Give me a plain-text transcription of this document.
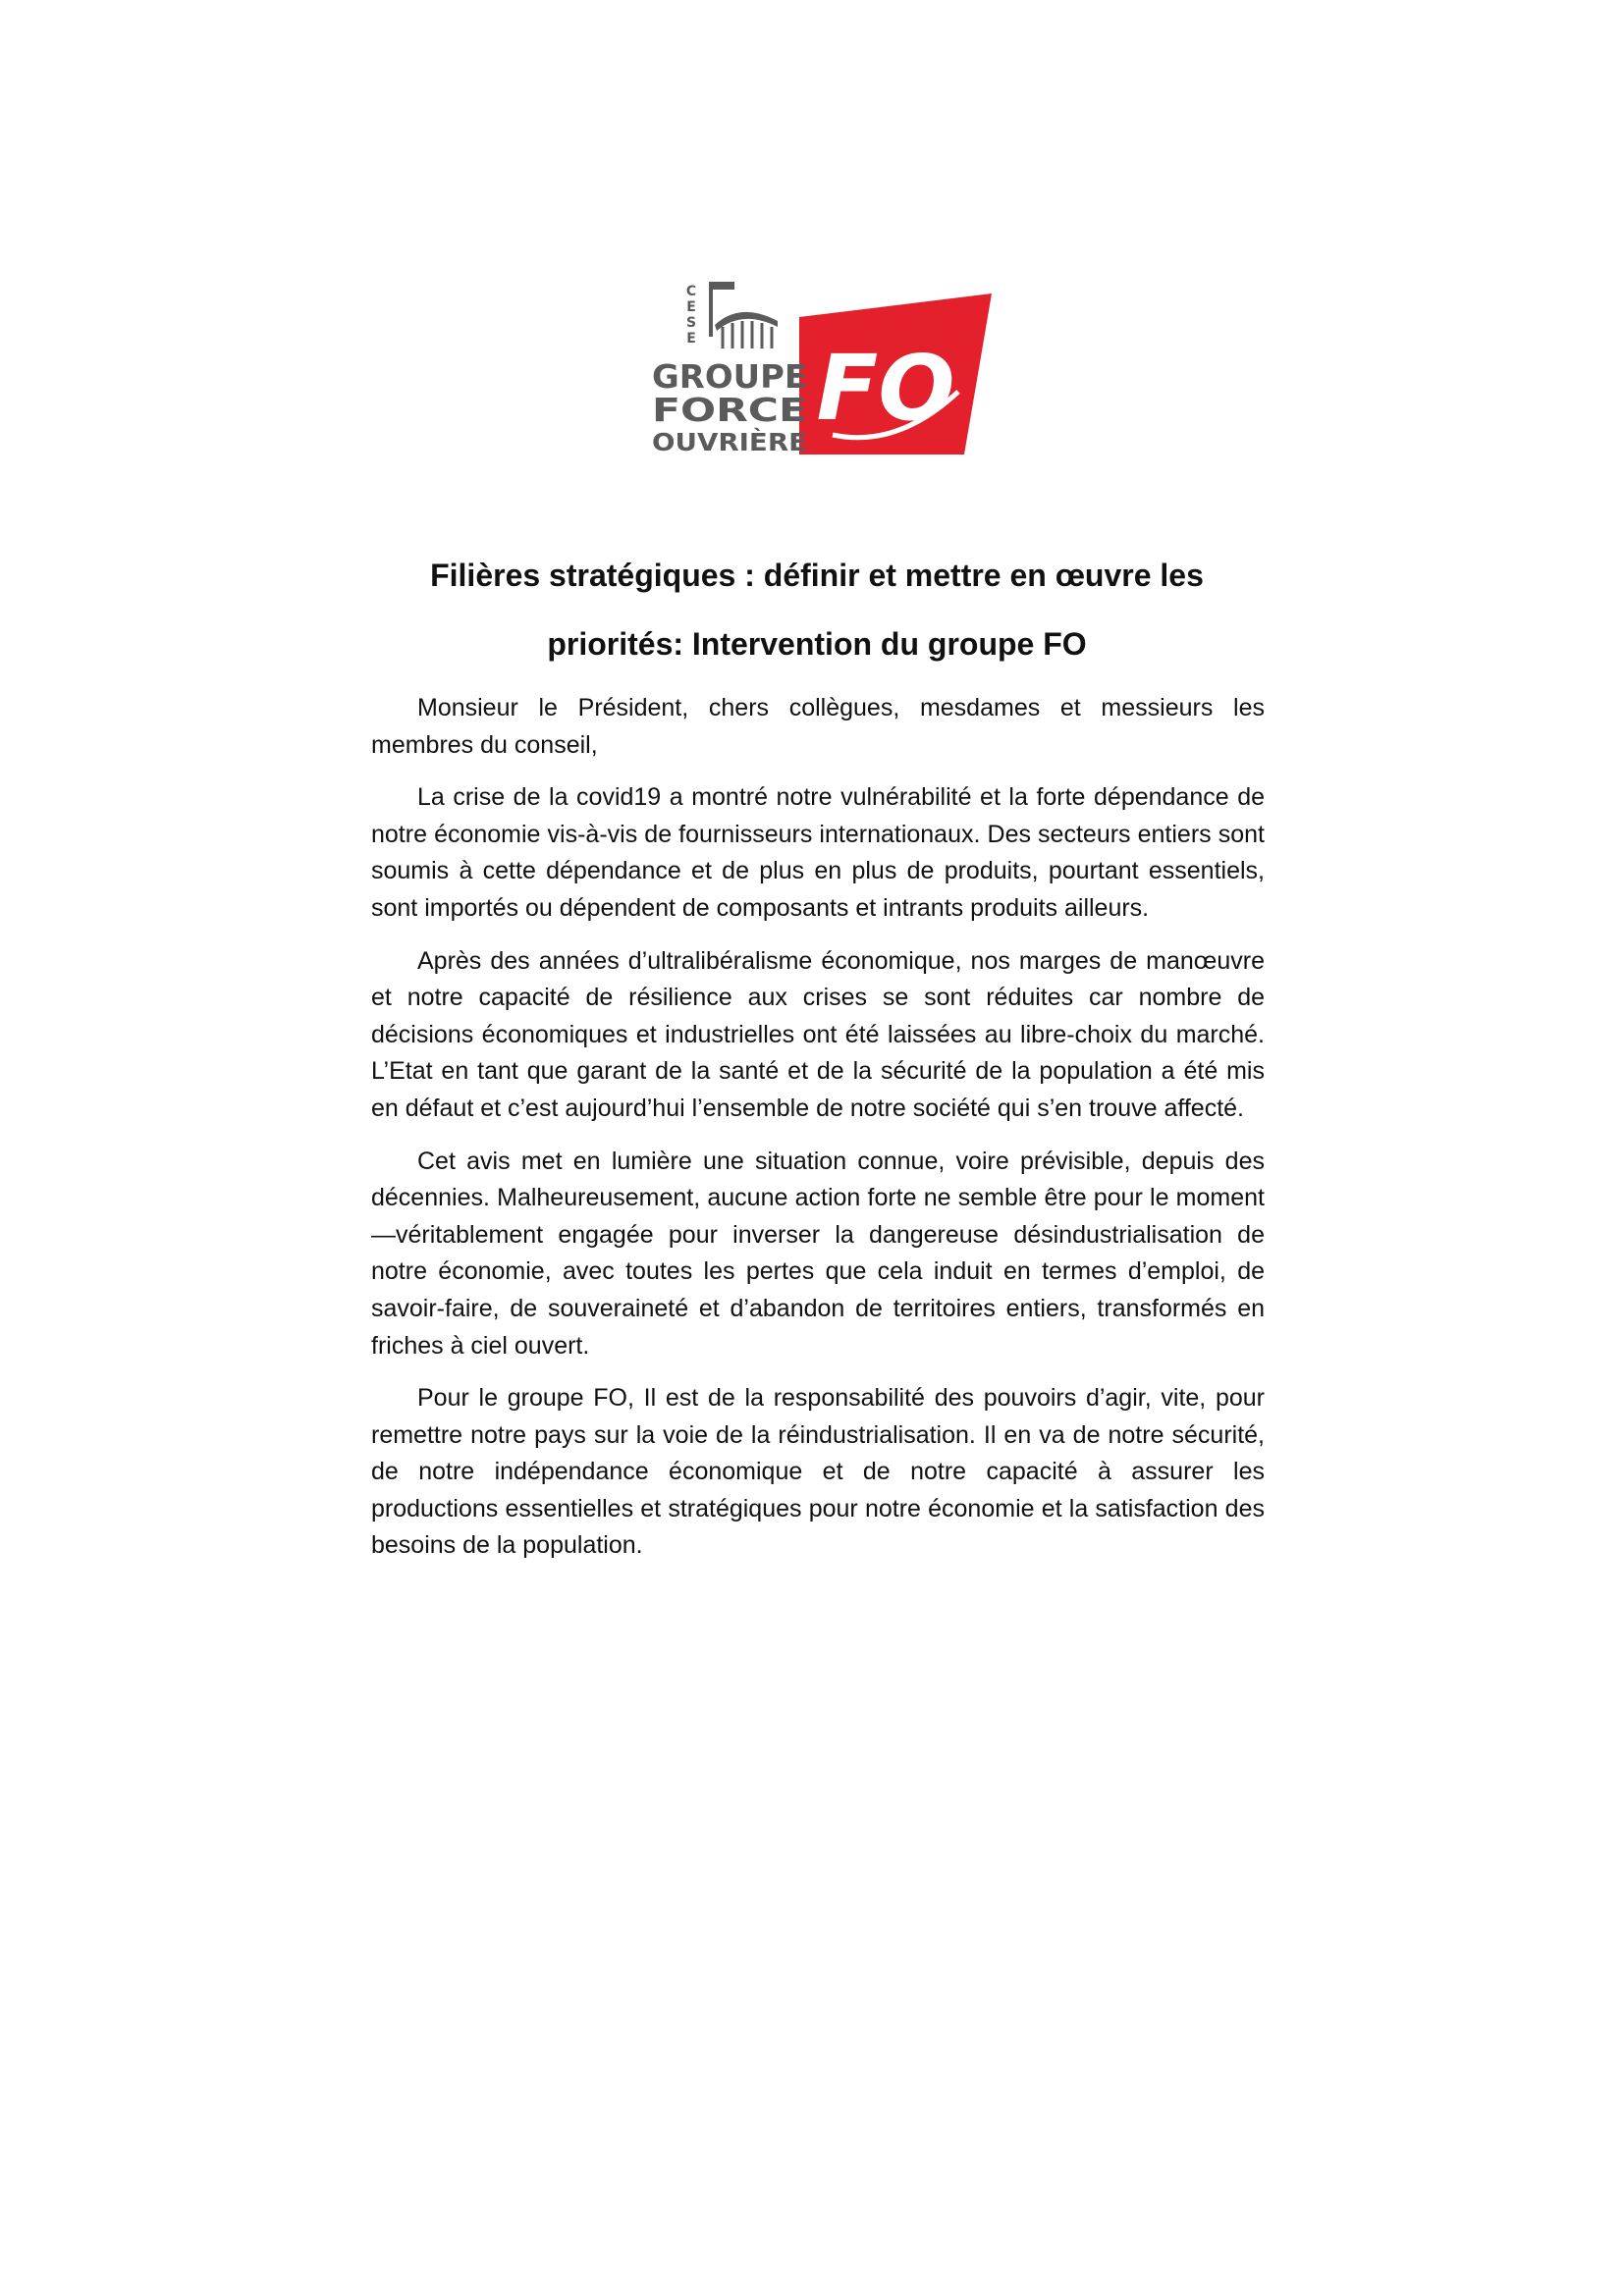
C
E
S
E FO
GROUPE
FORCE
OUVRIÈRE
Filières stratégiques : définir et mettre en œuvre les
priorités: Intervention du groupe FO

Monsieur le Président, chers collègues, mesdames et messieurs les membres du conseil,

La crise de la covid19 a montré notre vulnérabilité et la forte dépendance de notre économie vis-à-vis de fournisseurs internationaux. Des secteurs entiers sont soumis à cette dépendance et de plus en plus de produits, pourtant essentiels, sont importés ou dépendent de composants et intrants produits ailleurs.

Après des années d’ultralibéralisme économique, nos marges de manœuvre et notre capacité de résilience aux crises se sont réduites car nombre de décisions économiques et industrielles ont été laissées au libre-choix du marché. L’Etat en tant que garant de la santé et de la sécurité de la population a été mis en défaut et c’est aujourd’hui l’ensemble de notre société qui s’en trouve affecté.

Cet avis met en lumière une situation connue, voire prévisible, depuis des décennies. Malheureusement, aucune action forte ne semble être pour le moment—véritablement engagée pour inverser la dangereuse désindustrialisation de notre économie, avec toutes les pertes que cela induit en termes d’emploi, de savoir-faire, de souveraineté et d’abandon de territoires entiers, transformés en friches à ciel ouvert.

Pour le groupe FO, Il est de la responsabilité des pouvoirs d’agir, vite, pour remettre notre pays sur la voie de la réindustrialisation. Il en va de notre sécurité, de notre indépendance économique et de notre capacité à assurer les productions essentielles et stratégiques pour notre économie et la satisfaction des besoins de la population.
